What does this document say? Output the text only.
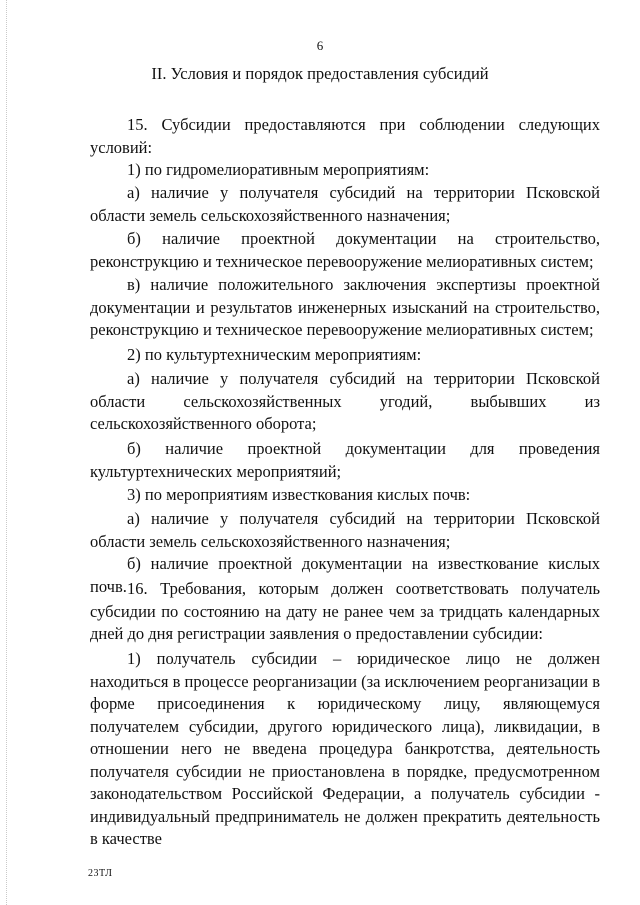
6
II. Условия и порядок предоставления субсидий

15. Субсидии предоставляются при соблюдении следующих условий:

1) по гидромелиоративным мероприятиям:

а) наличие у получателя субсидий на территории Псковской области земель сельскохозяйственного назначения;

б) наличие проектной документации на строительство, реконструкцию и техническое перевооружение мелиоративных систем;

в) наличие положительного заключения экспертизы проектной документации и результатов инженерных изысканий на строительство, реконструкцию и техническое перевооружение мелиоративных систем;

2) по культуртехническим мероприятиям:

а) наличие у получателя субсидий на территории Псковской области сельскохозяйственных угодий, выбывших из сельскохозяйственного оборота;

б) наличие проектной документации для проведения культуртехнических мероприятяий;

3) по мероприятиям известкования кислых почв:

а) наличие у получателя субсидий на территории Псковской области земель сельскохозяйственного назначения;

б) наличие проектной документации на известкование кислых почв. 16. Требования, которым должен соответствовать получатель субсидии по состоянию на дату не ранее чем за тридцать календарных дней до дня регистрации заявления о предоставлении субсидии:

1) получатель субсидии – юридическое лицо не должен находиться в процессе реорганизации (за исключением реорганизации в форме присоединения к юридическому лицу, являющемуся получателем субсидии, другого юридического лица), ликвидации, в отношении него не введена процедура банкротства, деятельность получателя субсидии не приостановлена в порядке, предусмотренном законодательством Российской Федерации, а получатель субсидии - индивидуальный предприниматель не должен прекратить деятельность в качестве

23ТЛ
